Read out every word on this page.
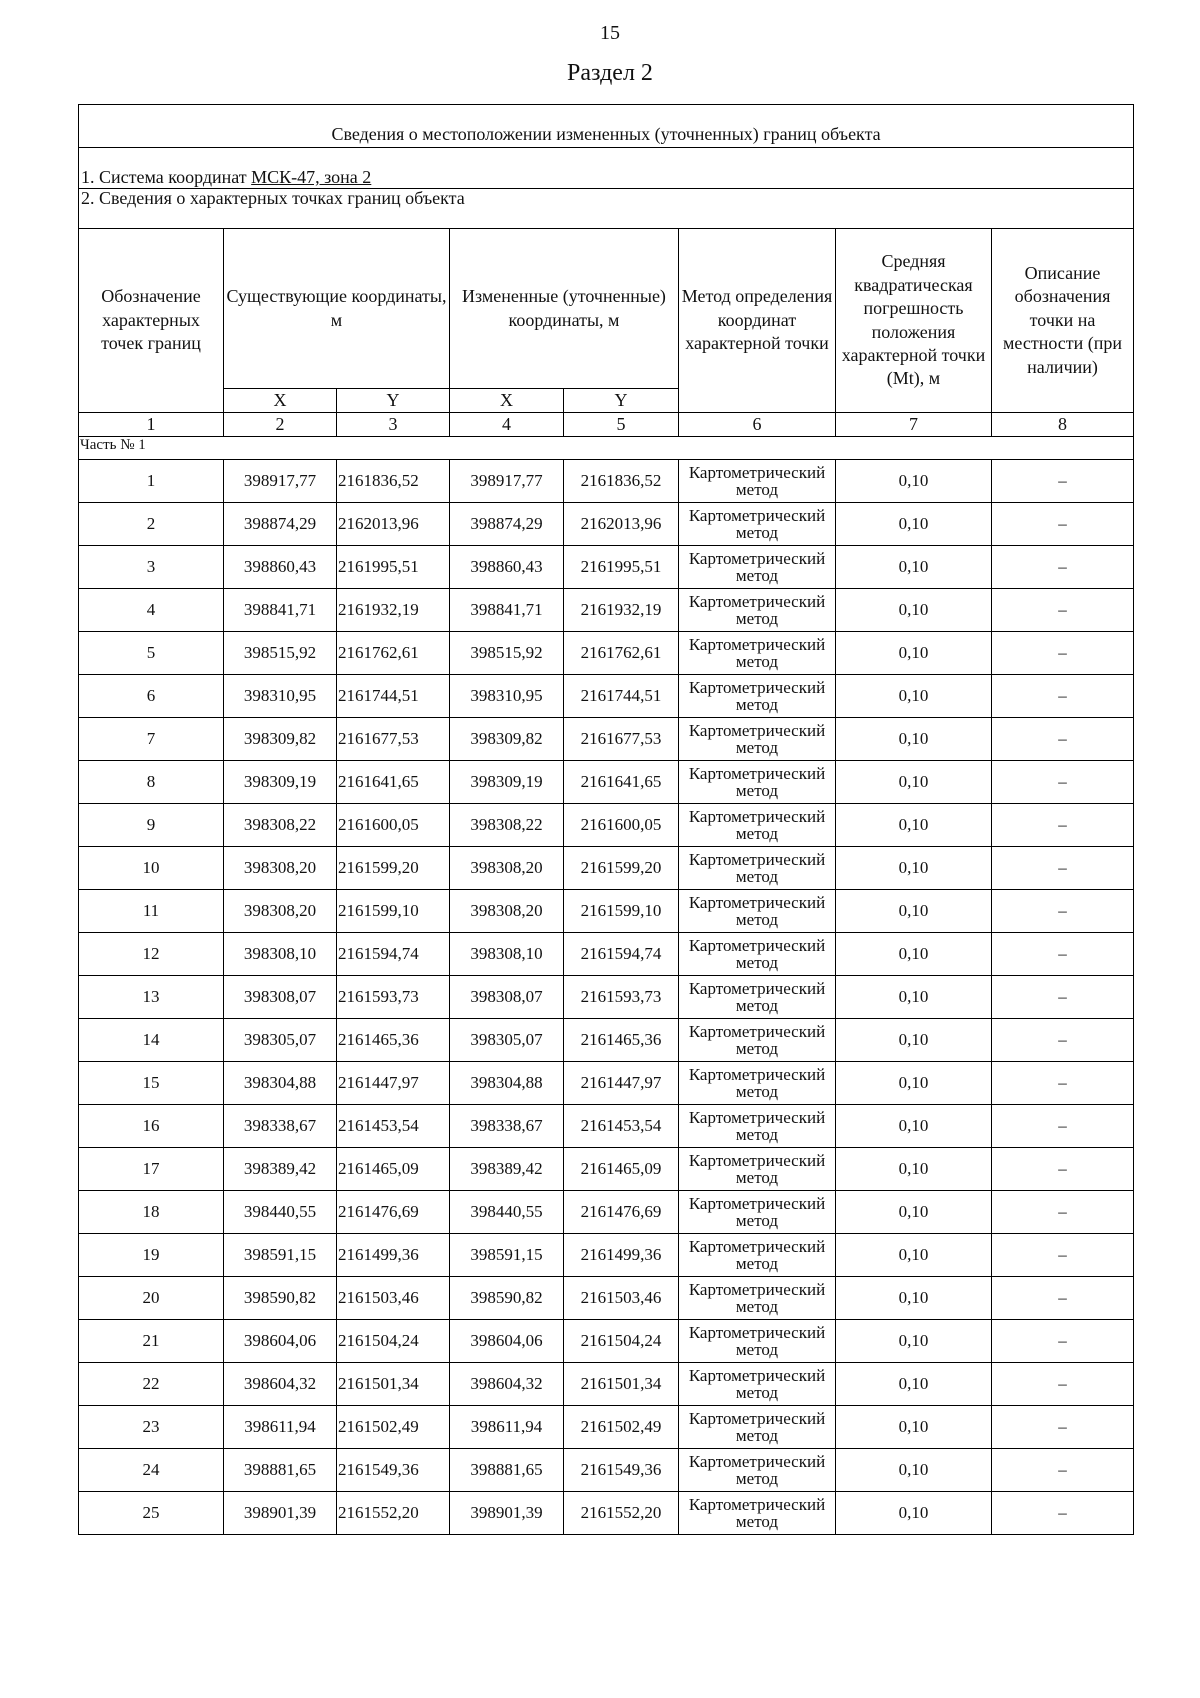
15
Раздел 2
Сведения о местоположении измененных (уточненных) границ объекта							
1. Система координат МСК-47, зона 2							
2. Сведения о характерных точках границ объекта							
Обозначение характерных точек границ	Существующие координаты, м		Измененные (уточненные) координаты, м		Метод определения координат характерной точки	Средняя квадратическая погрешность положения характерной точки (Мt), м	Описание обозначения точки на местности (при наличии)
	X	Y	X	Y			
1	2	3	4	5	6	7	8
Часть № 1							
1	398917,77	2161836,52	398917,77	2161836,52	Картометрический метод	0,10	–
2	398874,29	2162013,96	398874,29	2162013,96	Картометрический метод	0,10	–
3	398860,43	2161995,51	398860,43	2161995,51	Картометрический метод	0,10	–
4	398841,71	2161932,19	398841,71	2161932,19	Картометрический метод	0,10	–
5	398515,92	2161762,61	398515,92	2161762,61	Картометрический метод	0,10	–
6	398310,95	2161744,51	398310,95	2161744,51	Картометрический метод	0,10	–
7	398309,82	2161677,53	398309,82	2161677,53	Картометрический метод	0,10	–
8	398309,19	2161641,65	398309,19	2161641,65	Картометрический метод	0,10	–
9	398308,22	2161600,05	398308,22	2161600,05	Картометрический метод	0,10	–
10	398308,20	2161599,20	398308,20	2161599,20	Картометрический метод	0,10	–
11	398308,20	2161599,10	398308,20	2161599,10	Картометрический метод	0,10	–
12	398308,10	2161594,74	398308,10	2161594,74	Картометрический метод	0,10	–
13	398308,07	2161593,73	398308,07	2161593,73	Картометрический метод	0,10	–
14	398305,07	2161465,36	398305,07	2161465,36	Картометрический метод	0,10	–
15	398304,88	2161447,97	398304,88	2161447,97	Картометрический метод	0,10	–
16	398338,67	2161453,54	398338,67	2161453,54	Картометрический метод	0,10	–
17	398389,42	2161465,09	398389,42	2161465,09	Картометрический метод	0,10	–
18	398440,55	2161476,69	398440,55	2161476,69	Картометрический метод	0,10	–
19	398591,15	2161499,36	398591,15	2161499,36	Картометрический метод	0,10	–
20	398590,82	2161503,46	398590,82	2161503,46	Картометрический метод	0,10	–
21	398604,06	2161504,24	398604,06	2161504,24	Картометрический метод	0,10	–
22	398604,32	2161501,34	398604,32	2161501,34	Картометрический метод	0,10	–
23	398611,94	2161502,49	398611,94	2161502,49	Картометрический метод	0,10	–
24	398881,65	2161549,36	398881,65	2161549,36	Картометрический метод	0,10	–
25	398901,39	2161552,20	398901,39	2161552,20	Картометрический метод	0,10	–
